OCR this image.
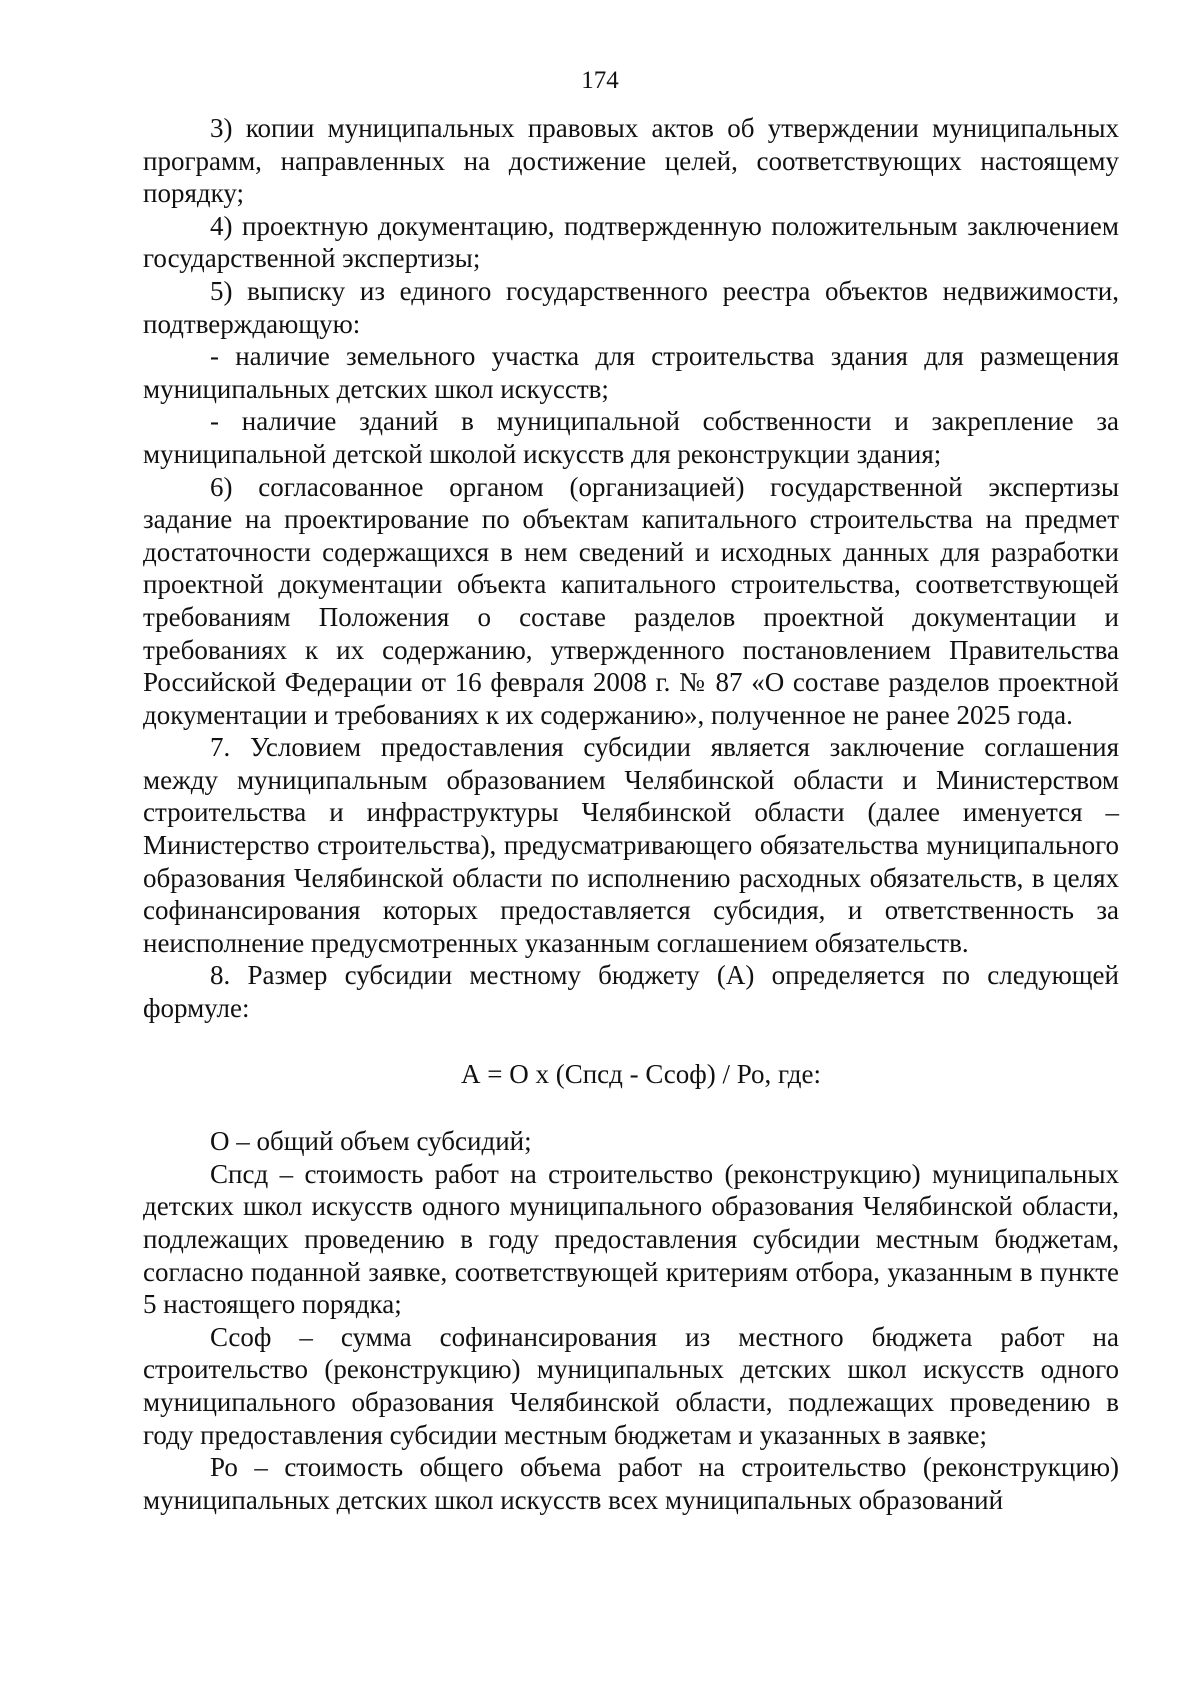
174

3) копии муниципальных правовых актов об утверждении муниципальных программ, направленных на достижение целей, соответствующих настоящему порядку;

4) проектную документацию, подтвержденную положительным заключением государственной экспертизы;

5) выписку из единого государственного реестра объектов недвижимости, подтверждающую:

- наличие земельного участка для строительства здания для размещения муниципальных детских школ искусств;

- наличие зданий в муниципальной собственности и закрепление за муниципальной детской школой искусств для реконструкции здания;

6) согласованное органом (организацией) государственной экспертизы задание на проектирование по объектам капитального строительства на предмет достаточности содержащихся в нем сведений и исходных данных для разработки проектной документации объекта капитального строительства, соответствующей требованиям Положения о составе разделов проектной документации и требованиях к их содержанию, утвержденного постановлением Правительства Российской Федерации от 16 февраля 2008 г. № 87 «О составе разделов проектной документации и требованиях к их содержанию», полученное не ранее 2025 года.

7. Условием предоставления субсидии является заключение соглашения между муниципальным образованием Челябинской области и Министерством строительства и инфраструктуры Челябинской области (далее именуется – Министерство строительства), предусматривающего обязательства муниципального образования Челябинской области по исполнению расходных обязательств, в целях софинансирования которых предоставляется субсидия, и ответственность за неисполнение предусмотренных указанным соглашением обязательств.

8. Размер субсидии местному бюджету (А) определяется по следующей формуле:

А = О х (Спсд - Ссоф) / Ро, где:

О – общий объем субсидий;

Спсд – стоимость работ на строительство (реконструкцию) муниципальных детских школ искусств одного муниципального образования Челябинской области, подлежащих проведению в году предоставления субсидии местным бюджетам, согласно поданной заявке, соответствующей критериям отбора, указанным в пункте 5 настоящего порядка;

Ссоф – сумма софинансирования из местного бюджета работ на строительство (реконструкцию) муниципальных детских школ искусств одного муниципального образования Челябинской области, подлежащих проведению в году предоставления субсидии местным бюджетам и указанных в заявке;

Ро – стоимость общего объема работ на строительство (реконструкцию) муниципальных детских школ искусств всех муниципальных образований
